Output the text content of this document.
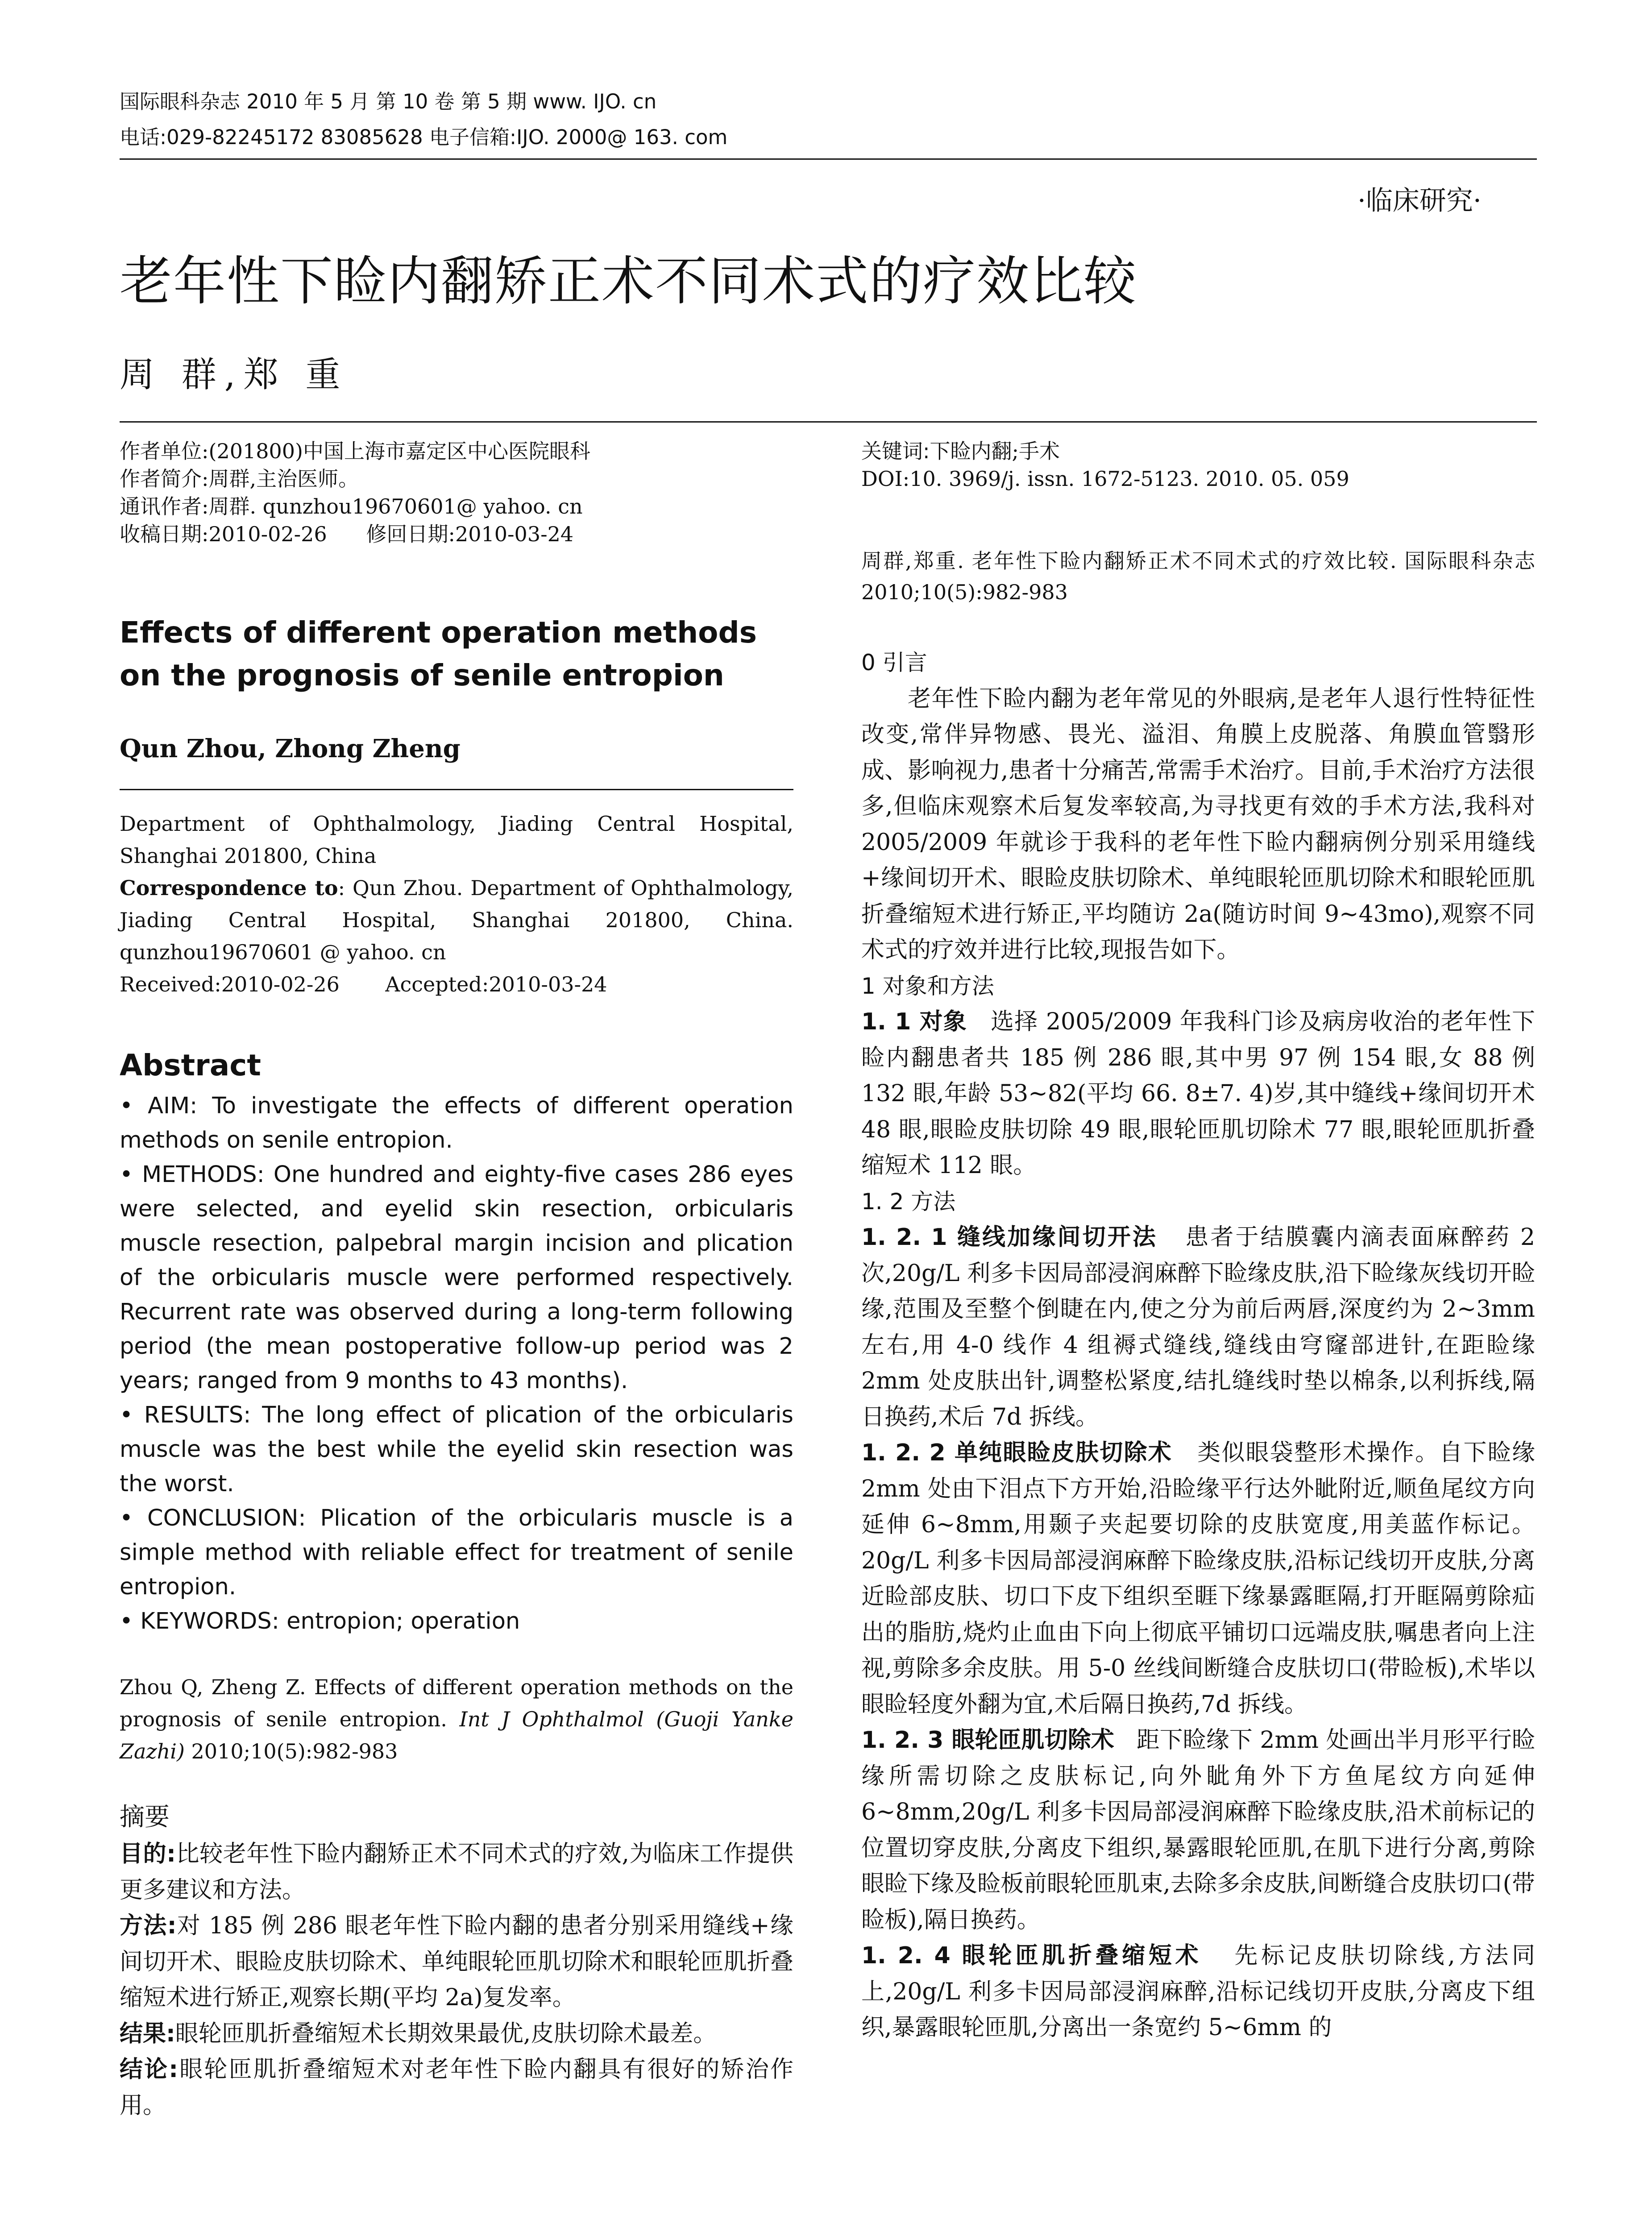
国际眼科杂志 2010 年 5 月 第 10 卷 第 5 期 www. IJO. cn
电话:029-82245172 83085628 电子信箱:IJO. 2000@ 163. com
·临床研究·
老年性下睑内翻矫正术不同术式的疗效比较
周 群,郑 重
作者单位:(201800)中国上海市嘉定区中心医院眼科
作者简介:周群,主治医师。
通讯作者:周群. qunzhou19670601@ yahoo. cn
收稿日期:2010-02-26      修回日期:2010-03-24
Effects of different operation methods on the prognosis of senile entropion
Qun Zhou, Zhong Zheng
Department of Ophthalmology, Jiading Central Hospital, Shanghai 201800, China
Correspondence to: Qun Zhou. Department of Ophthalmology, Jiading Central Hospital, Shanghai 201800, China. qunzhou19670601 @ yahoo. cn
Received:2010-02-26       Accepted:2010-03-24
Abstract

• AIM: To investigate the effects of different operation methods on senile entropion.

• METHODS: One hundred and eighty-five cases 286 eyes were selected, and eyelid skin resection, orbicularis muscle resection, palpebral margin incision and plication of the orbicularis muscle were performed respectively. Recurrent rate was observed during a long-term following period (the mean postoperative follow-up period was 2 years; ranged from 9 months to 43 months).

• RESULTS: The long effect of plication of the orbicularis muscle was the best while the eyelid skin resection was the worst.

• CONCLUSION: Plication of the orbicularis muscle is a simple method with reliable effect for treatment of senile entropion.

• KEYWORDS: entropion; operation

Zhou Q, Zheng Z. Effects of different operation methods on the prognosis of senile entropion. Int J Ophthalmol (Guoji Yanke Zazhi) 2010;10(5):982-983
摘要

目的:比较老年性下睑内翻矫正术不同术式的疗效,为临床工作提供更多建议和方法。

方法:对 185 例 286 眼老年性下睑内翻的患者分别采用缝线+缘间切开术、眼睑皮肤切除术、单纯眼轮匝肌切除术和眼轮匝肌折叠缩短术进行矫正,观察长期(平均 2a)复发率。

结果:眼轮匝肌折叠缩短术长期效果最优,皮肤切除术最差。

结论:眼轮匝肌折叠缩短术对老年性下睑内翻具有很好的矫治作用。

关键词:下睑内翻;手术
DOI:10. 3969/j. issn. 1672-5123. 2010. 05. 059
周群,郑重. 老年性下睑内翻矫正术不同术式的疗效比较. 国际眼科杂志 2010;10(5):982-983

0 引言

老年性下睑内翻为老年常见的外眼病,是老年人退行性特征性改变,常伴异物感、畏光、溢泪、角膜上皮脱落、角膜血管翳形成、影响视力,患者十分痛苦,常需手术治疗。目前,手术治疗方法很多,但临床观察术后复发率较高,为寻找更有效的手术方法,我科对 2005/2009 年就诊于我科的老年性下睑内翻病例分别采用缝线+缘间切开术、眼睑皮肤切除术、单纯眼轮匝肌切除术和眼轮匝肌折叠缩短术进行矫正,平均随访 2a(随访时间 9~43mo),观察不同术式的疗效并进行比较,现报告如下。

1 对象和方法

1. 1 对象 选择 2005/2009 年我科门诊及病房收治的老年性下睑内翻患者共 185 例 286 眼,其中男 97 例 154 眼,女 88 例 132 眼,年龄 53~82(平均 66. 8±7. 4)岁,其中缝线+缘间切开术 48 眼,眼睑皮肤切除 49 眼,眼轮匝肌切除术 77 眼,眼轮匝肌折叠缩短术 112 眼。

1. 2 方法

1. 2. 1 缝线加缘间切开法 患者于结膜囊内滴表面麻醉药 2 次,20g/L 利多卡因局部浸润麻醉下睑缘皮肤,沿下睑缘灰线切开睑缘,范围及至整个倒睫在内,使之分为前后两唇,深度约为 2~3mm 左右,用 4-0 线作 4 组褥式缝线,缝线由穹窿部进针,在距睑缘 2mm 处皮肤出针,调整松紧度,结扎缝线时垫以棉条,以利拆线,隔日换药,术后 7d 拆线。

1. 2. 2 单纯眼睑皮肤切除术 类似眼袋整形术操作。自下睑缘 2mm 处由下泪点下方开始,沿睑缘平行达外眦附近,顺鱼尾纹方向延伸 6~8mm,用颞子夹起要切除的皮肤宽度,用美蓝作标记。20g/L 利多卡因局部浸润麻醉下睑缘皮肤,沿标记线切开皮肤,分离近睑部皮肤、切口下皮下组织至睚下缘暴露眶隔,打开眶隔剪除疝出的脂肪,烧灼止血由下向上彻底平铺切口远端皮肤,嘱患者向上注视,剪除多余皮肤。用 5-0 丝线间断缝合皮肤切口(带睑板),术毕以眼睑轻度外翻为宜,术后隔日换药,7d 拆线。

1. 2. 3 眼轮匝肌切除术 距下睑缘下 2mm 处画出半月形平行睑缘所需切除之皮肤标记,向外眦角外下方鱼尾纹方向延伸 6~8mm,20g/L 利多卡因局部浸润麻醉下睑缘皮肤,沿术前标记的位置切穿皮肤,分离皮下组织,暴露眼轮匝肌,在肌下进行分离,剪除眼睑下缘及睑板前眼轮匝肌束,去除多余皮肤,间断缝合皮肤切口(带睑板),隔日换药。

1. 2. 4 眼轮匝肌折叠缩短术 先标记皮肤切除线,方法同上,20g/L 利多卡因局部浸润麻醉,沿标记线切开皮肤,分离皮下组织,暴露眼轮匝肌,分离出一条宽约 5~6mm 的
